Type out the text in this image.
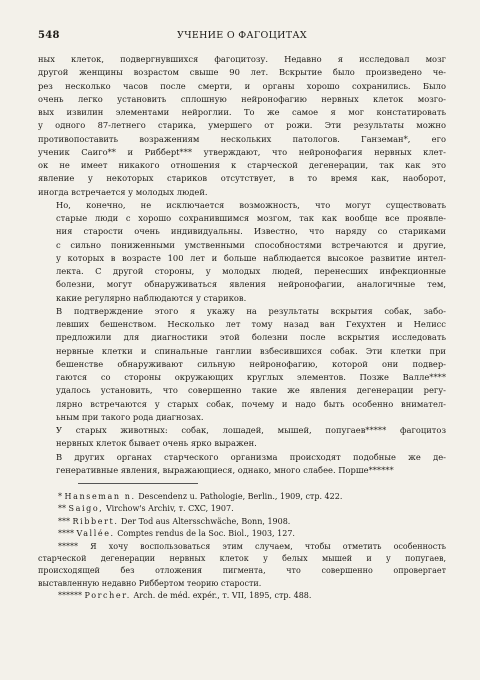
548	УЧЕНИЕ О ФАГОЦИТАХ

ных клеток, подвергнувшихся фагоцитозу. Недавно я исследовал мозг
другой женщины возрастом свыше 90 лет. Вскрытие было произведено че-
рез несколько часов после смерти, и органы хорошо сохранились. Было
очень легко установить сплошную нейронофагию нервных клеток мозго-
вых извилин элементами нейроглии. То же самое я мог констатировать
у одного 87-летнего старика, умершего от рожи. Эти результаты можно
противопоставить возражениям нескольких патологов. Ганземан*, его
ученик Саиго** и Риббept*** утверждают, что нейронофагия нервных клет-
ок не имеет никакого отношения к старческой дегенерации, так как это
явление у некоторых стариков отсутствует, в то время как, наоборот,
иногда встречается у молодых людей.

Но, конечно, не исключается возможность, что могут существовать
старые люди с хорошо сохранившимся мозгом, так как вообще все проявле-
ния старости очень индивидуальны. Известно, что наряду со стариками
с сильно пониженными умственными способностями встречаются и другие,
у которых в возрасте 100 лет и больше наблюдается высокое развитие интел-
лекта. С другой стороны, у молодых людей, перенесших инфекционные
болезни, могут обнаруживаться явления нейронофагии, аналогичные тем,
какие регулярно наблюдаются у стариков.

В подтверждение этого я укажу на результаты вскрытия собак, забо-
левших бешенством. Несколько лет тому назад ван Гехухтен и Нелисс
предложили для диагностики этой болезни после вскрытия исследовать
нервные клетки и спинальные ганглии взбесившихся собак. Эти клетки при
бешенстве обнаруживают сильную нейронофагию, которой они подвер-
гаются со стороны окружающих круглых элементов. Позже Валле****
удалось установить, что совершенно такие же явления дегенерации регу-
лярно встречаются у старых собак, почему и надо быть особенно внимател-
ьным при такого рода диагнозах.

У старых животных: собак, лошадей, мышей, попугаев***** фагоцитоз
нервных клеток бывает очень ярко выражен.

В других органах старческого организма происходят подобные же де-
генеративные явления, выражающиеся, однако, много слабее. Порше******

* Hanseman n. Descendenz u. Pathologie, Berlin., 1909, стр. 422.
** Saigo, Virchow's Archiv, т. CXC, 1907.
*** Ribbert. Der Tod aus Altersschwäche, Bonn, 1908.
**** Vallée. Comptes rendus de la Soc. Biol., 1903, 127.
***** Я хочу воспользоваться этим случаем, чтобы отметить особенность
старческой дегенерации нервных клеток у белых мышей и у попугаев,
происходящей без отложения пигмента, что совершенно опровергает
выставленную недавно Риббертом теорию старости.
****** Porcher. Arch. de méd. expér., т. VII, 1895, стр. 488.
